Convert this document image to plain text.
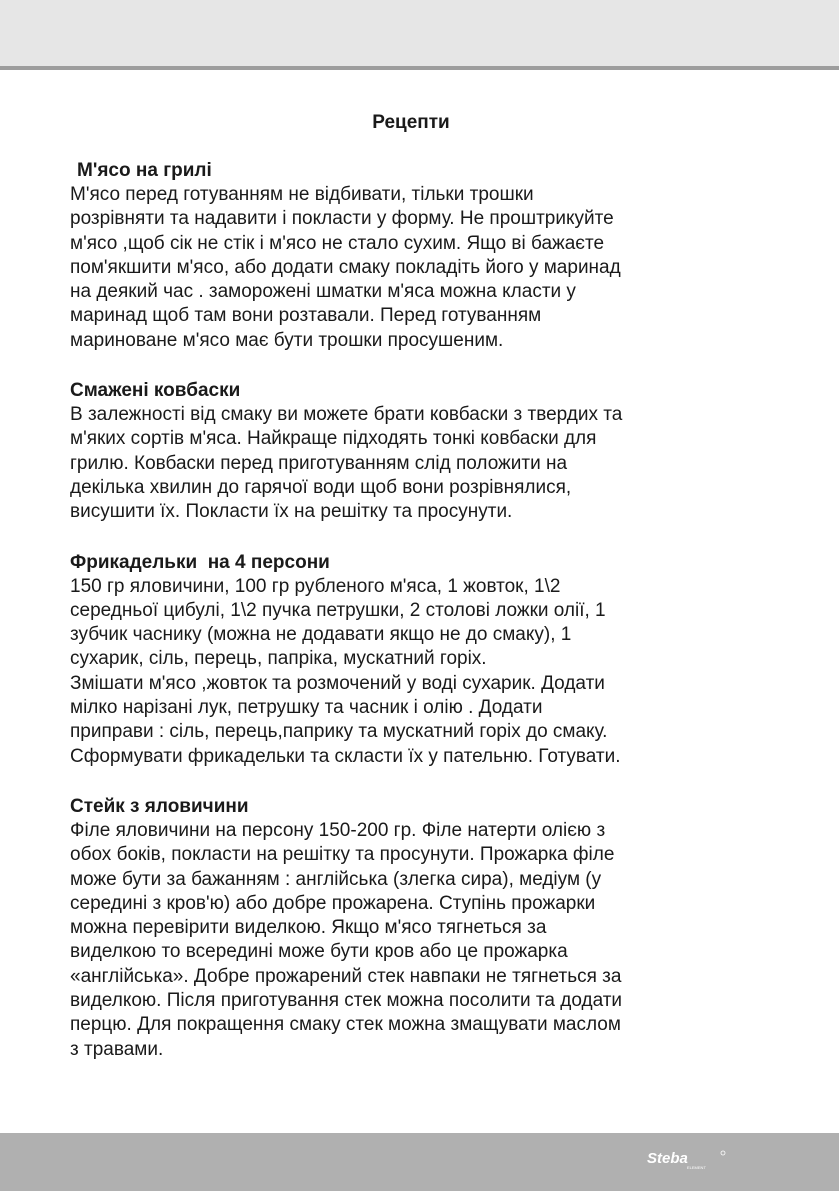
Рецепти
М'ясо на грилі

М'ясо перед готуванням не відбивати, тільки трошки
розрівняти та надавити і покласти у форму. Не проштрикуйте
м'ясо ,щоб сік не стік і м'ясо не стало сухим. Ящо ві бажаєте
пом'якшити м'ясо, або додати смаку покладіть його у маринад
на деякий час . заморожені шматки м'яса можна класти у
маринад щоб там вони розтавали. Перед готуванням
мариноване м'ясо має бути трошки просушеним.

Смажені ковбаски

В залежності від смаку ви можете брати ковбаски з твердих та
м'яких сортів м'яса. Найкраще підходять тонкі ковбаски для
грилю. Ковбаски перед приготуванням слід положити на
декілька хвилин до гарячої води щоб вони розрівнялися,
висушити їх. Покласти їх на решітку та просунути.

Фрикадельки  на 4 персони

150 гр яловичини, 100 гр рубленого м'яса, 1 жовток, 1\2
середньої цибулі, 1\2 пучка петрушки, 2 столові ложки олії, 1
зубчик часнику (можна не додавати якщо не до смаку), 1
сухарик, сіль, перець, папріка, мускатний горіх.

Змішати м'ясо ,жовток та розмочений у воді сухарик. Додати
мілко нарізані лук, петрушку та часник і олію . Додати
приправи : сіль, перець,паприку та мускатний горіх до смаку.
Сформувати фрикадельки та скласти їх у пательню. Готувати.

Стейк з яловичини

Філе яловичини на персону 150-200 гр. Філе натерти олією з
обох боків, покласти на решітку та просунути. Прожарка філе
може бути за бажанням : англійська (злегка сира), медіум (у
середині з кров'ю) або добре прожарена. Ступінь прожарки
можна перевірити виделкою. Якщо м'ясо тягнеться за
виделкою то всередині може бути кров або це прожарка
«англійська». Добре прожарений стек навпаки не тягнеться за
виделкою. Після приготування стек можна посолити та додати
перцю. Для покращення смаку стек можна змащувати маслом
з травами.

Steba
ELEMENT
